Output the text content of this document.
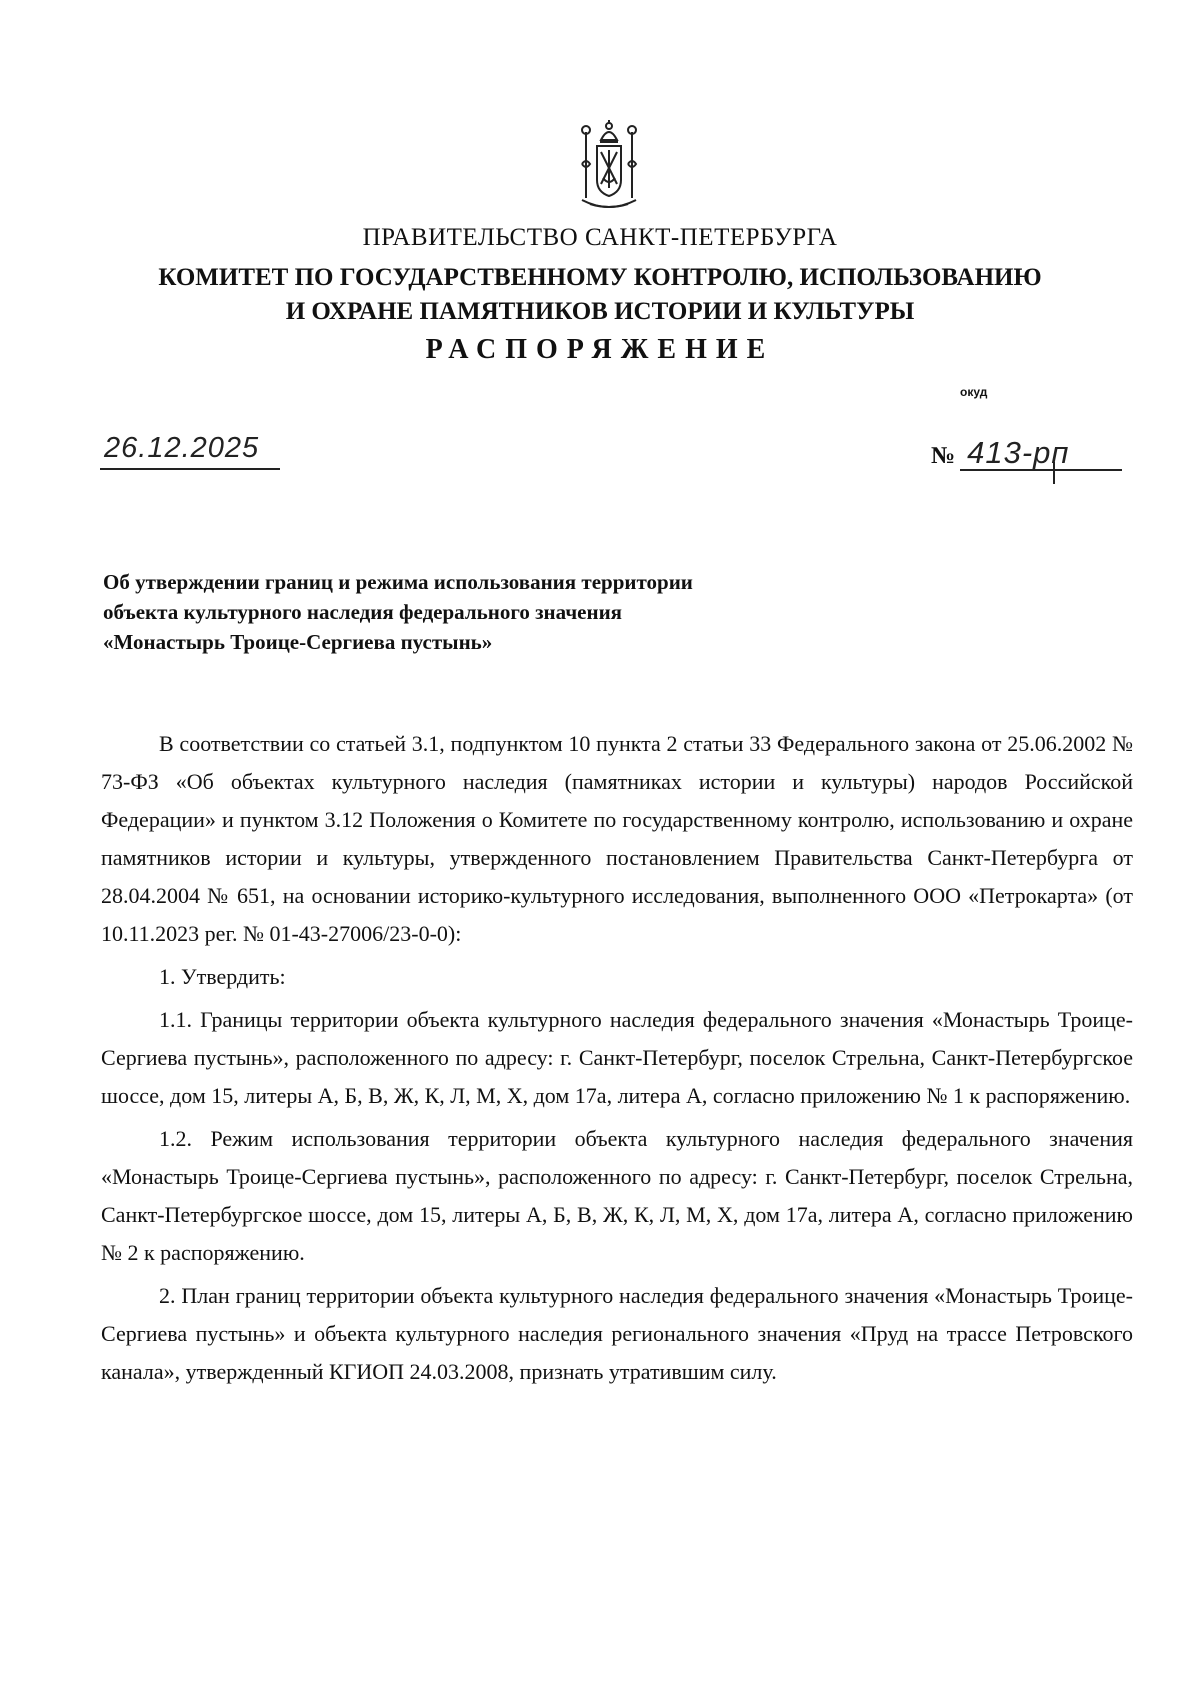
ПРАВИТЕЛЬСТВО САНКТ-ПЕТЕРБУРГА
КОМИТЕТ ПО ГОСУДАРСТВЕННОМУ КОНТРОЛЮ, ИСПОЛЬЗОВАНИЮ
И ОХРАНЕ ПАМЯТНИКОВ ИСТОРИИ И КУЛЬТУРЫ
РАСПОРЯЖЕНИЕ
окуд
26.12.2025	№ 413-рп
Об утверждении границ и режима использования территории
объекта культурного наследия федерального значения
«Монастырь Троице-Сергиева пустынь»

В соответствии со статьей 3.1, подпунктом 10 пункта 2 статьи 33 Федерального закона от 25.06.2002 № 73-ФЗ «Об объектах культурного наследия (памятниках истории и культуры) народов Российской Федерации» и пунктом 3.12 Положения о Комитете по государственному контролю, использованию и охране памятников истории и культуры, утвержденного постановлением Правительства Санкт-Петербурга от 28.04.2004 № 651, на основании историко-культурного исследования, выполненного ООО «Петрокарта» (от 10.11.2023 рег. № 01-43-27006/23-0-0):

1. Утвердить:

1.1. Границы территории объекта культурного наследия федерального значения «Монастырь Троице-Сергиева пустынь», расположенного по адресу: г. Санкт-Петербург, поселок Стрельна, Санкт-Петербургское шоссе, дом 15, литеры А, Б, В, Ж, К, Л, М, Х, дом 17а, литера А, согласно приложению № 1 к распоряжению.

1.2. Режим использования территории объекта культурного наследия федерального значения «Монастырь Троице-Сергиева пустынь», расположенного по адресу: г. Санкт-Петербург, поселок Стрельна, Санкт-Петербургское шоссе, дом 15, литеры А, Б, В, Ж, К, Л, М, Х, дом 17а, литера А, согласно приложению № 2 к распоряжению.

2. План границ территории объекта культурного наследия федерального значения «Монастырь Троице-Сергиева пустынь» и объекта культурного наследия регионального значения «Пруд на трассе Петровского канала», утвержденный КГИОП 24.03.2008, признать утратившим силу.
